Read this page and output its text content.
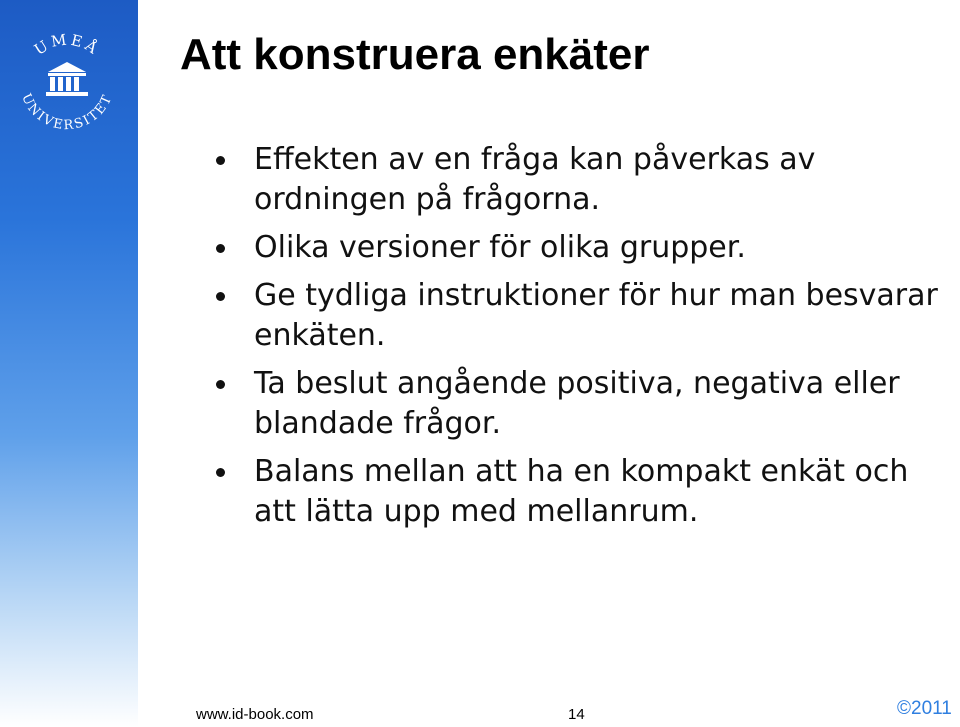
UMEÅ
UNIVERSITET
Att konstruera enkäter
Effekten av en fråga kan påverkas av ordningen på frågorna.
Olika versioner för olika grupper.
Ge tydliga instruktioner för hur man besvarar enkäten.
Ta beslut angående positiva, negativa eller blandade frågor.
Balans mellan att ha en kompakt enkät och att lätta upp med mellanrum.
www.id-book.com	14	©2011
